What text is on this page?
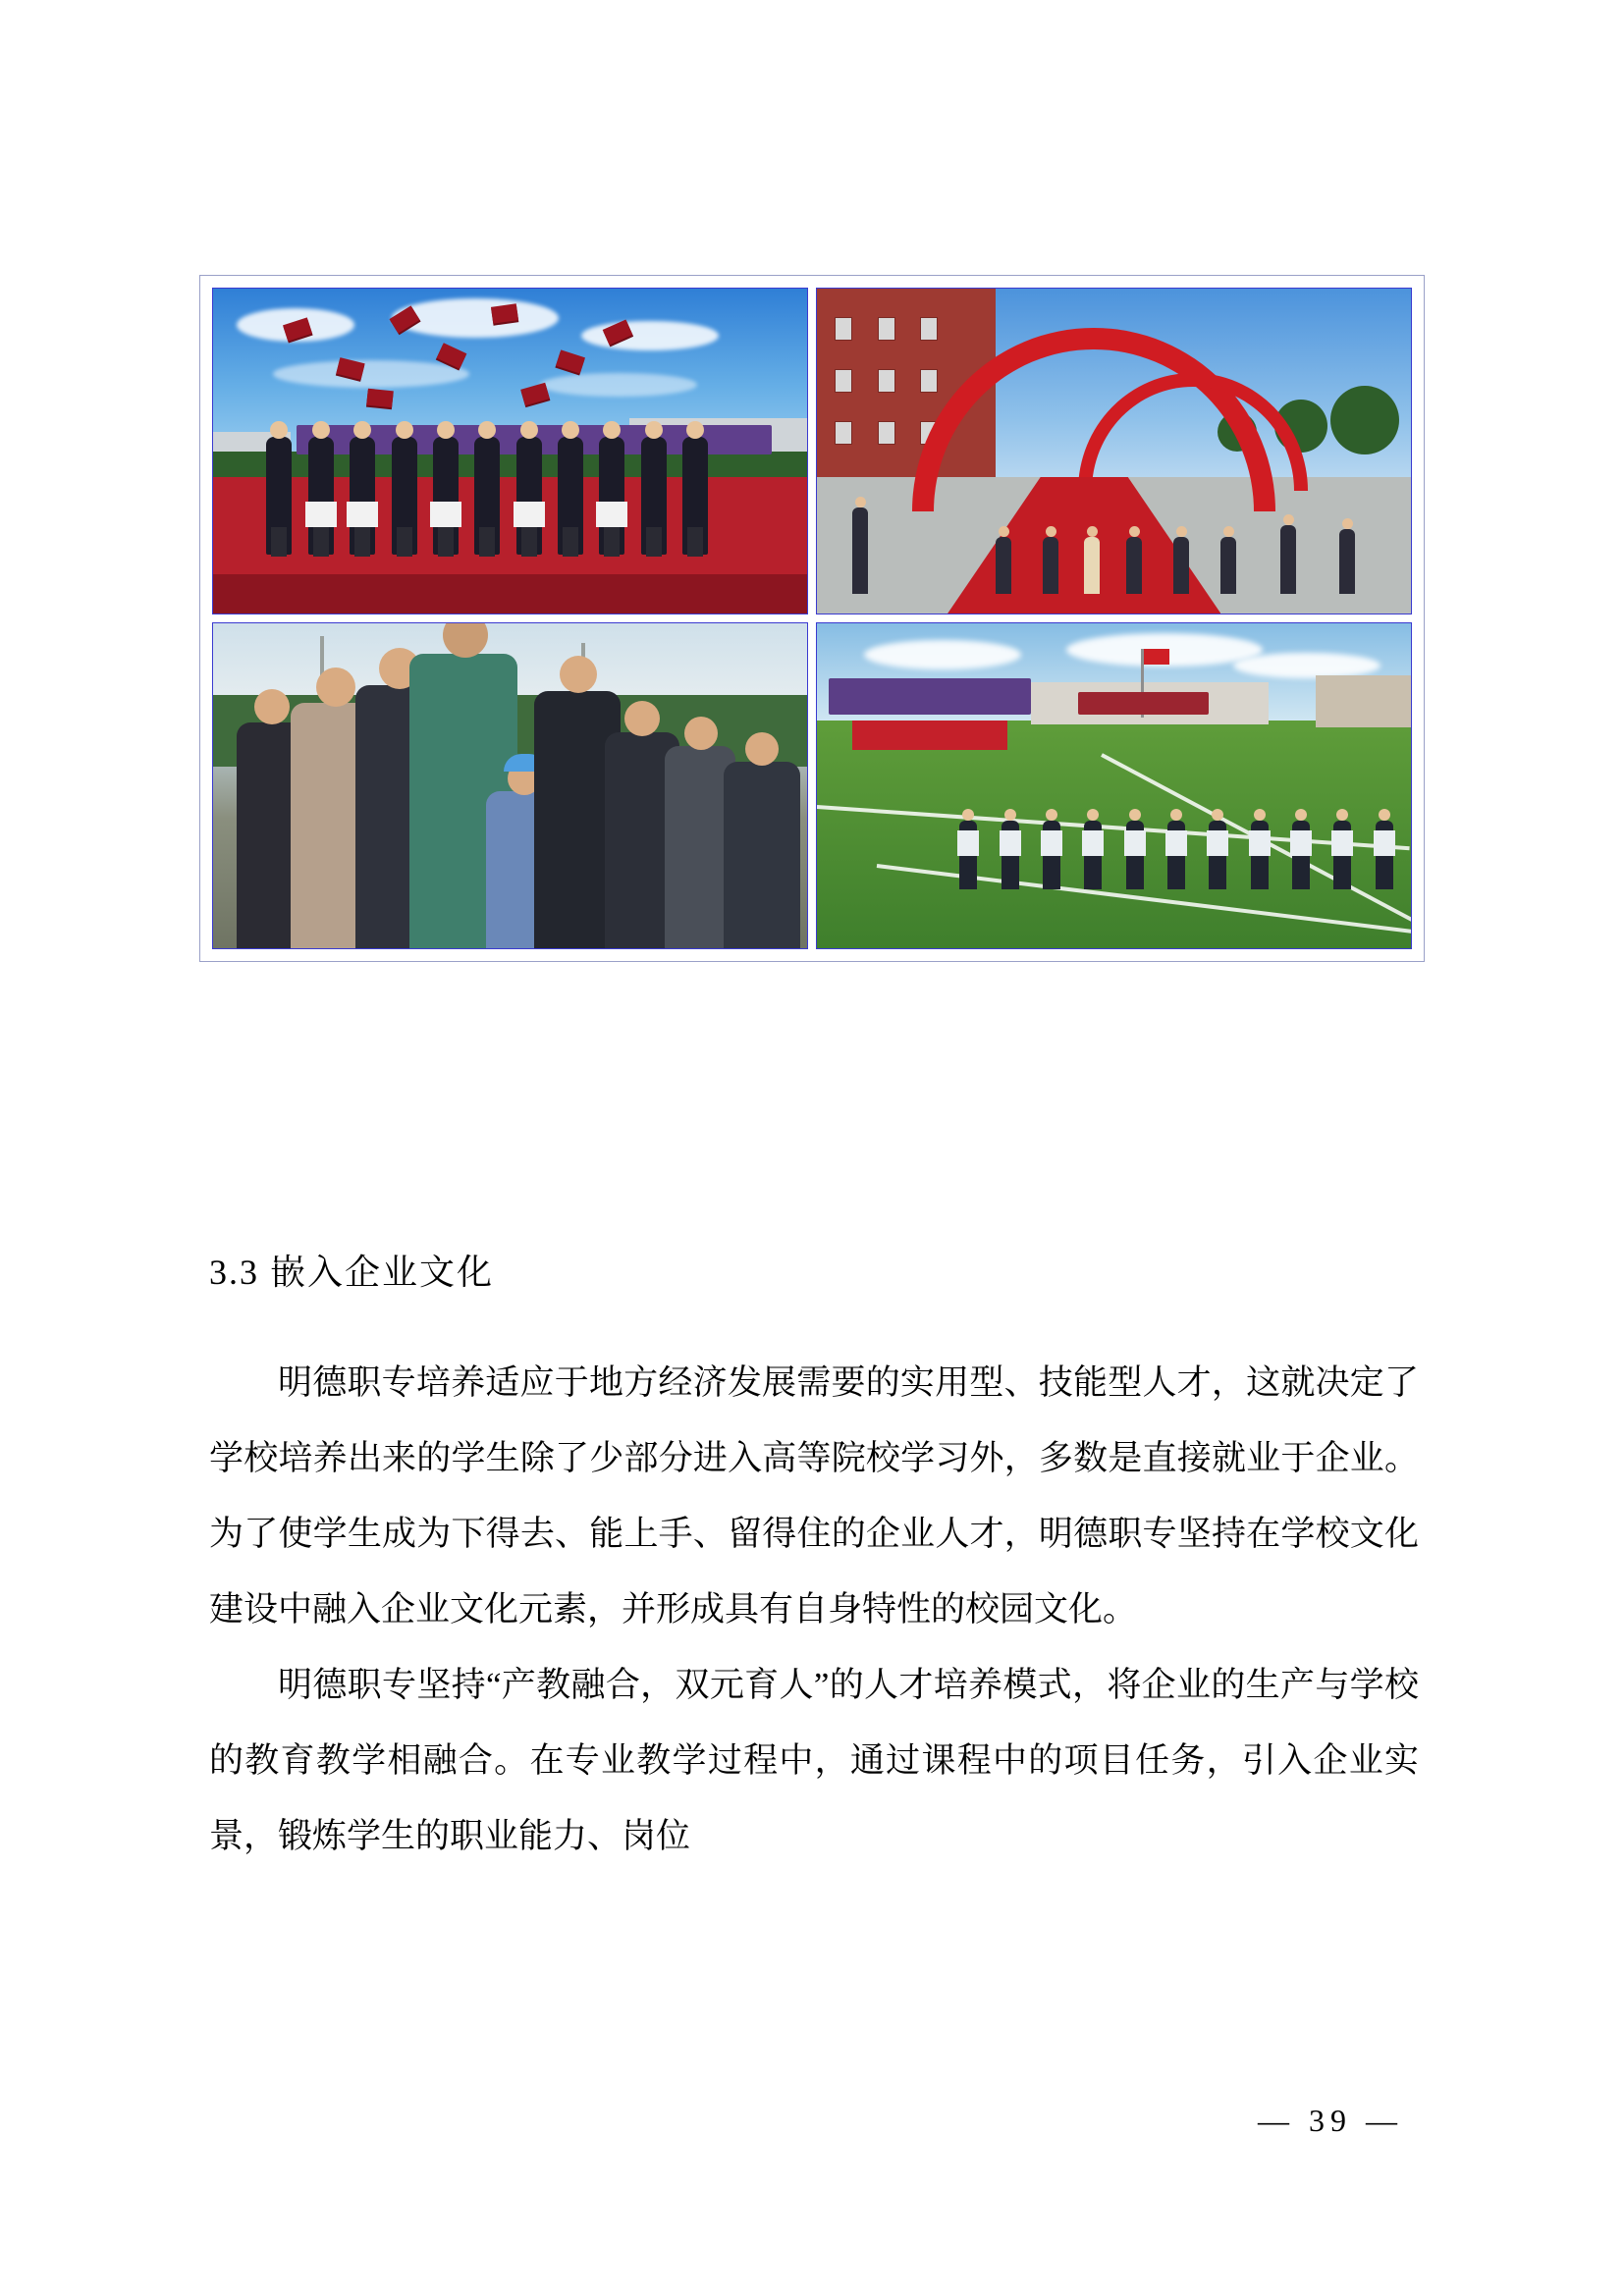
3.3 嵌入企业文化

明德职专培养适应于地方经济发展需要的实用型、技能型人才，这就决定了学校培养出来的学生除了少部分进入高等院校学习外，多数是直接就业于企业。为了使学生成为下得去、能上手、留得住的企业人才，明德职专坚持在学校文化建设中融入企业文化元素，并形成具有自身特性的校园文化。

明德职专坚持“产教融合，双元育人”的人才培养模式，将企业的生产与学校的教育教学相融合。在专业教学过程中，通过课程中的项目任务，引入企业实景，锻炼学生的职业能力、岗位

— 39 —
